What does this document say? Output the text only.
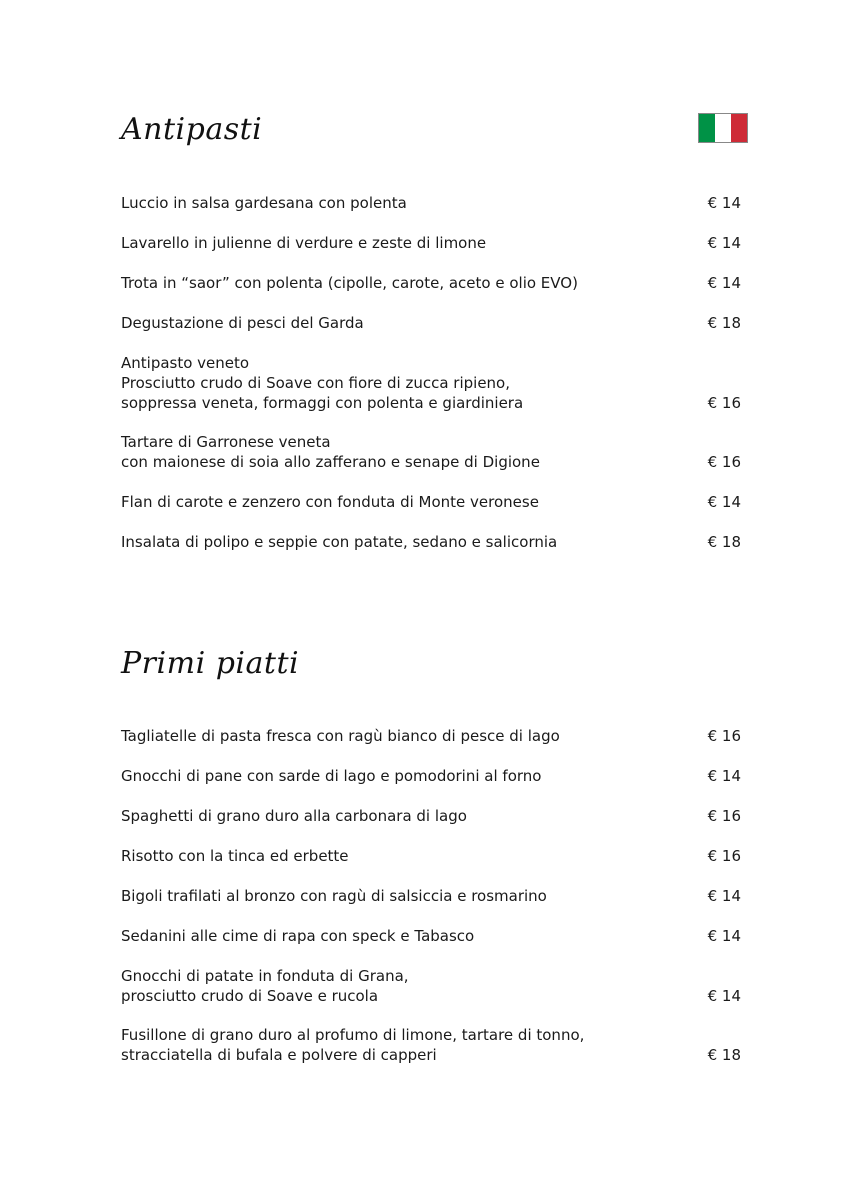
Antipasti
Luccio in salsa gardesana con polenta	€ 14
Lavarello in julienne di verdure e zeste di limone	€ 14
Trota in “saor” con polenta (cipolle, carote, aceto e olio EVO)	€ 14
Degustazione di pesci del Garda	€ 18
Antipasto veneto
Prosciutto crudo di Soave con fiore di zucca ripieno,
soppressa veneta, formaggi con polenta e giardiniera	€ 16
Tartare di Garronese veneta
con maionese di soia allo zafferano e senape di Digione	€ 16
Flan di carote e zenzero con fonduta di Monte veronese	€ 14
Insalata di polipo e seppie con patate, sedano e salicornia	€ 18
Primi piatti
Tagliatelle di pasta fresca con ragù bianco di pesce di lago	€ 16
Gnocchi di pane con sarde di lago e pomodorini al forno	€ 14
Spaghetti di grano duro alla carbonara di lago	€ 16
Risotto con la tinca ed erbette	€ 16
Bigoli trafilati al bronzo con ragù di salsiccia e rosmarino	€ 14
Sedanini alle cime di rapa con speck e Tabasco	€ 14
Gnocchi di patate in fonduta di Grana,
prosciutto crudo di Soave e rucola	€ 14
Fusillone di grano duro al profumo di limone, tartare di tonno,
stracciatella di bufala e polvere di capperi	€ 18
